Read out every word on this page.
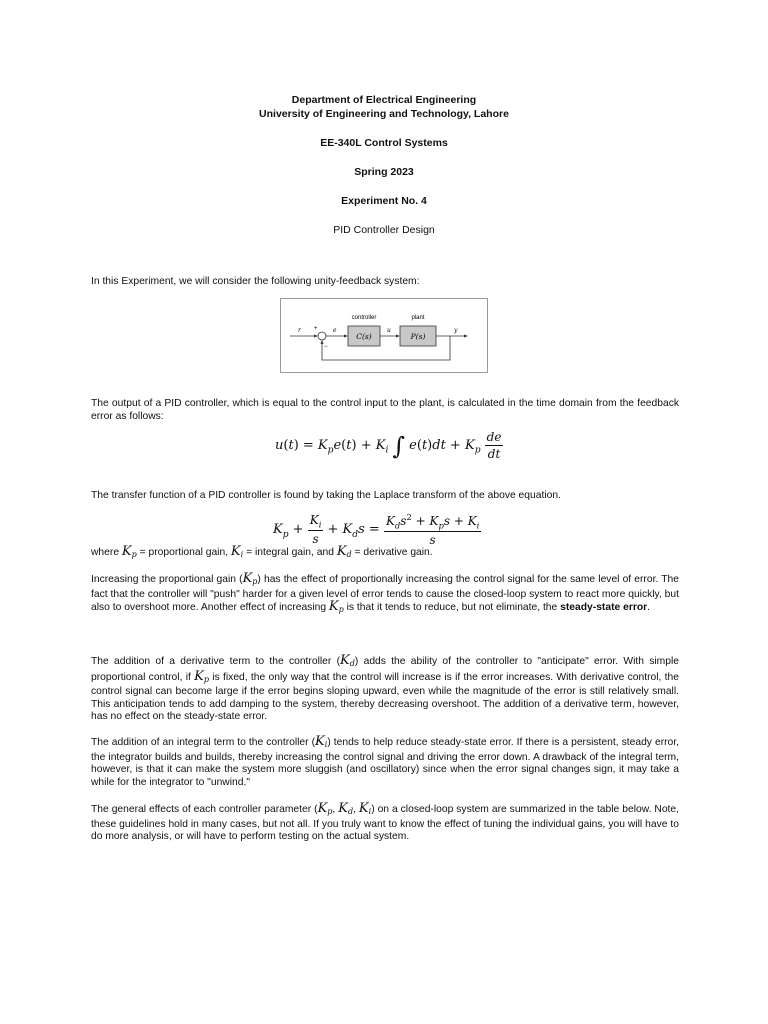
Department of Electrical Engineering
University of Engineering and Technology, Lahore
EE-340L Control Systems
Spring 2023
Experiment No. 4
PID Controller Design

In this Experiment, we will consider the following unity-feedback system:

controller	plant
C(s)	P(s)
r +
−
e	u	y

The output of a PID controller, which is equal to the control input to the plant, is calculated in the time domain from the feedback error as follows:

$u(t) = K_pe(t) + K_i$ ∫ $e(t)dt + K_p \frac{de}{dt}$

The transfer function of a PID controller is found by taking the Laplace transform of the above equation.

$K_p + \frac{K_i}{s} + K_ds = \frac{K_ds^2 + K_ps + K_i}{s}$

where Kp = proportional gain, Ki = integral gain, and Kd = derivative gain.

Increasing the proportional gain (Kp) has the effect of proportionally increasing the control signal for the same level of error. The fact that the controller will "push" harder for a given level of error tends to cause the closed-loop system to react more quickly, but also to overshoot more. Another effect of increasing Kp is that it tends to reduce, but not eliminate, the steady-state error.

The addition of a derivative term to the controller (Kd) adds the ability of the controller to "anticipate" error. With simple proportional control, if Kp is fixed, the only way that the control will increase is if the error increases. With derivative control, the control signal can become large if the error begins sloping upward, even while the magnitude of the error is still relatively small. This anticipation tends to add damping to the system, thereby decreasing overshoot. The addition of a derivative term, however, has no effect on the steady-state error.

The addition of an integral term to the controller (Ki) tends to help reduce steady-state error. If there is a persistent, steady error, the integrator builds and builds, thereby increasing the control signal and driving the error down. A drawback of the integral term, however, is that it can make the system more sluggish (and oscillatory) since when the error signal changes sign, it may take a while for the integrator to "unwind."

The general effects of each controller parameter (Kp, Kd, Ki) on a closed-loop system are summarized in the table below. Note, these guidelines hold in many cases, but not all. If you truly want to know the effect of tuning the individual gains, you will have to do more analysis, or will have to perform testing on the actual system.
